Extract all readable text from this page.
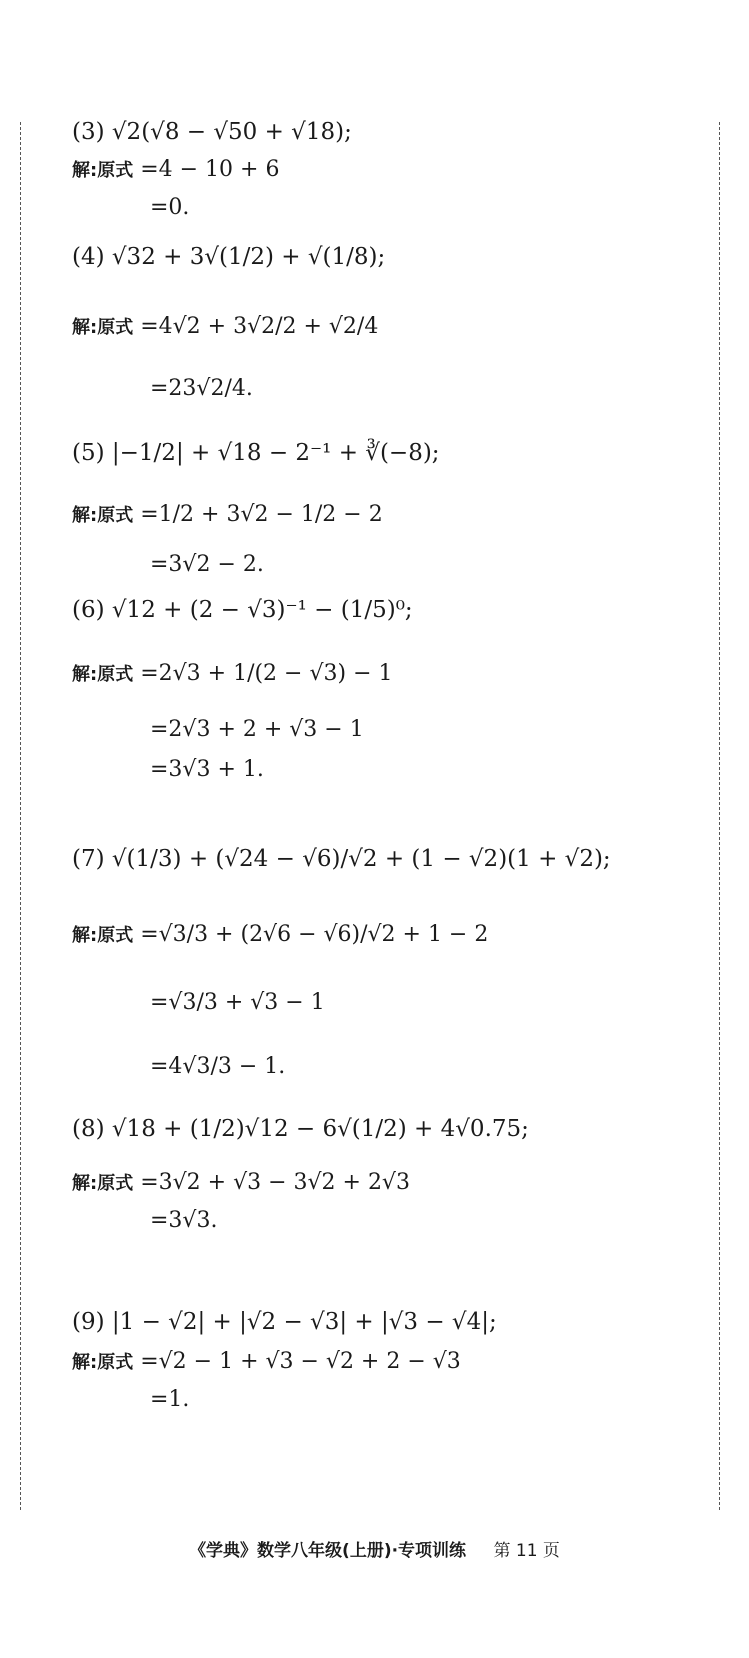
(3) √2(√8 − √50 + √18);
解:原式 =4 − 10 + 6
=0.
(4) √32 + 3√(1/2) + √(1/8);
解:原式 =4√2 + 3√2/2 + √2/4
=23√2/4.
(5) |−1/2| + √18 − 2⁻¹ + ∛(−8);
解:原式 =1/2 + 3√2 − 1/2 − 2
=3√2 − 2.
(6) √12 + (2 − √3)⁻¹ − (1/5)⁰;
解:原式 =2√3 + 1/(2 − √3) − 1
=2√3 + 2 + √3 − 1
=3√3 + 1.
(7) √(1/3) + (√24 − √6)/√2 + (1 − √2)(1 + √2);
解:原式 =√3/3 + (2√6 − √6)/√2 + 1 − 2
=√3/3 + √3 − 1
=4√3/3 − 1.
(8) √18 + (1/2)√12 − 6√(1/2) + 4√0.75;
解:原式 =3√2 + √3 − 3√2 + 2√3
=3√3.
(9) |1 − √2| + |√2 − √3| + |√3 − √4|;
解:原式 =√2 − 1 + √3 − √2 + 2 − √3
=1.
《学典》数学八年级(上册)·专项训练 第 11 页
